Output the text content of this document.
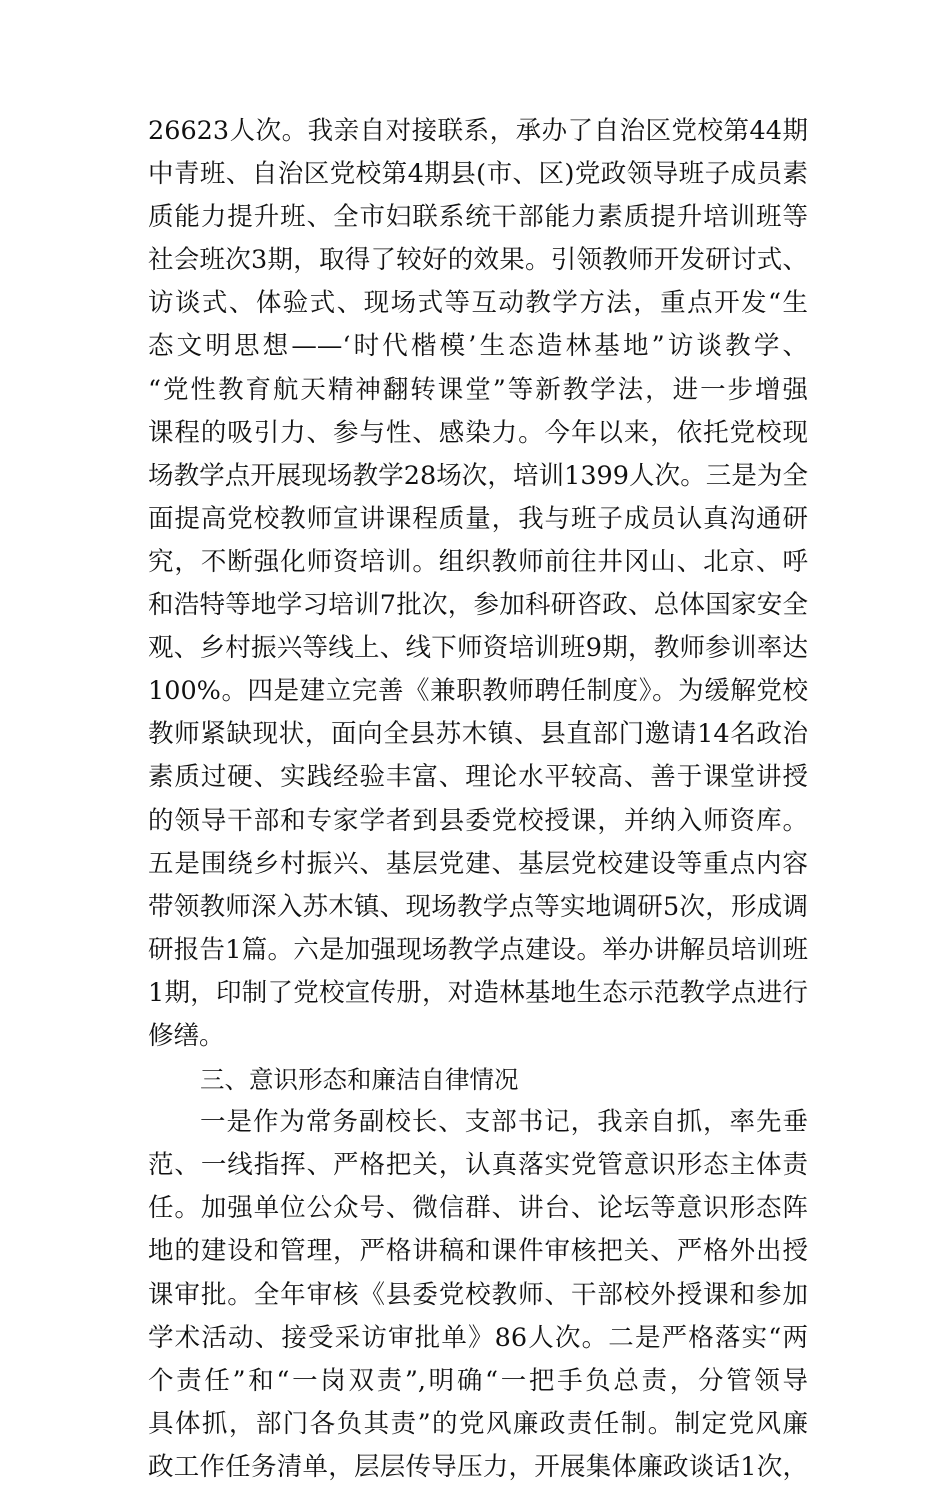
26623人次。我亲自对接联系，承办了自治区党校第44期
中青班、自治区党校第4期县(市、区)党政领导班子成员素
质能力提升班、全市妇联系统干部能力素质提升培训班等
社会班次3期，取得了较好的效果。引领教师开发研讨式、
访谈式、体验式、现场式等互动教学方法，重点开发“生
态文明思想——‘时代楷模’生态造林基地”访谈教学、
“党性教育航天精神翻转课堂”等新教学法，进一步增强
课程的吸引力、参与性、感染力。今年以来，依托党校现
场教学点开展现场教学28场次，培训1399人次。三是为全
面提高党校教师宣讲课程质量，我与班子成员认真沟通研
究，不断强化师资培训。组织教师前往井冈山、北京、呼
和浩特等地学习培训7批次，参加科研咨政、总体国家安全
观、乡村振兴等线上、线下师资培训班9期，教师参训率达
100%。四是建立完善《兼职教师聘任制度》。为缓解党校
教师紧缺现状，面向全县苏木镇、县直部门邀请14名政治
素质过硬、实践经验丰富、理论水平较高、善于课堂讲授
的领导干部和专家学者到县委党校授课，并纳入师资库。
五是围绕乡村振兴、基层党建、基层党校建设等重点内容
带领教师深入苏木镇、现场教学点等实地调研5次，形成调
研报告1篇。六是加强现场教学点建设。举办讲解员培训班
1期，印制了党校宣传册，对造林基地生态示范教学点进行
修缮。
三、意识形态和廉洁自律情况
一是作为常务副校长、支部书记，我亲自抓，率先垂
范、一线指挥、严格把关，认真落实党管意识形态主体责
任。加强单位公众号、微信群、讲台、论坛等意识形态阵
地的建设和管理，严格讲稿和课件审核把关、严格外出授
课审批。全年审核《县委党校教师、干部校外授课和参加
学术活动、接受采访审批单》86人次。二是严格落实“两
个责任”和“一岗双责”,明确“一把手负总责，分管领导
具体抓，部门各负其责”的党风廉政责任制。制定党风廉
政工作任务清单，层层传导压力，开展集体廉政谈话1次，
